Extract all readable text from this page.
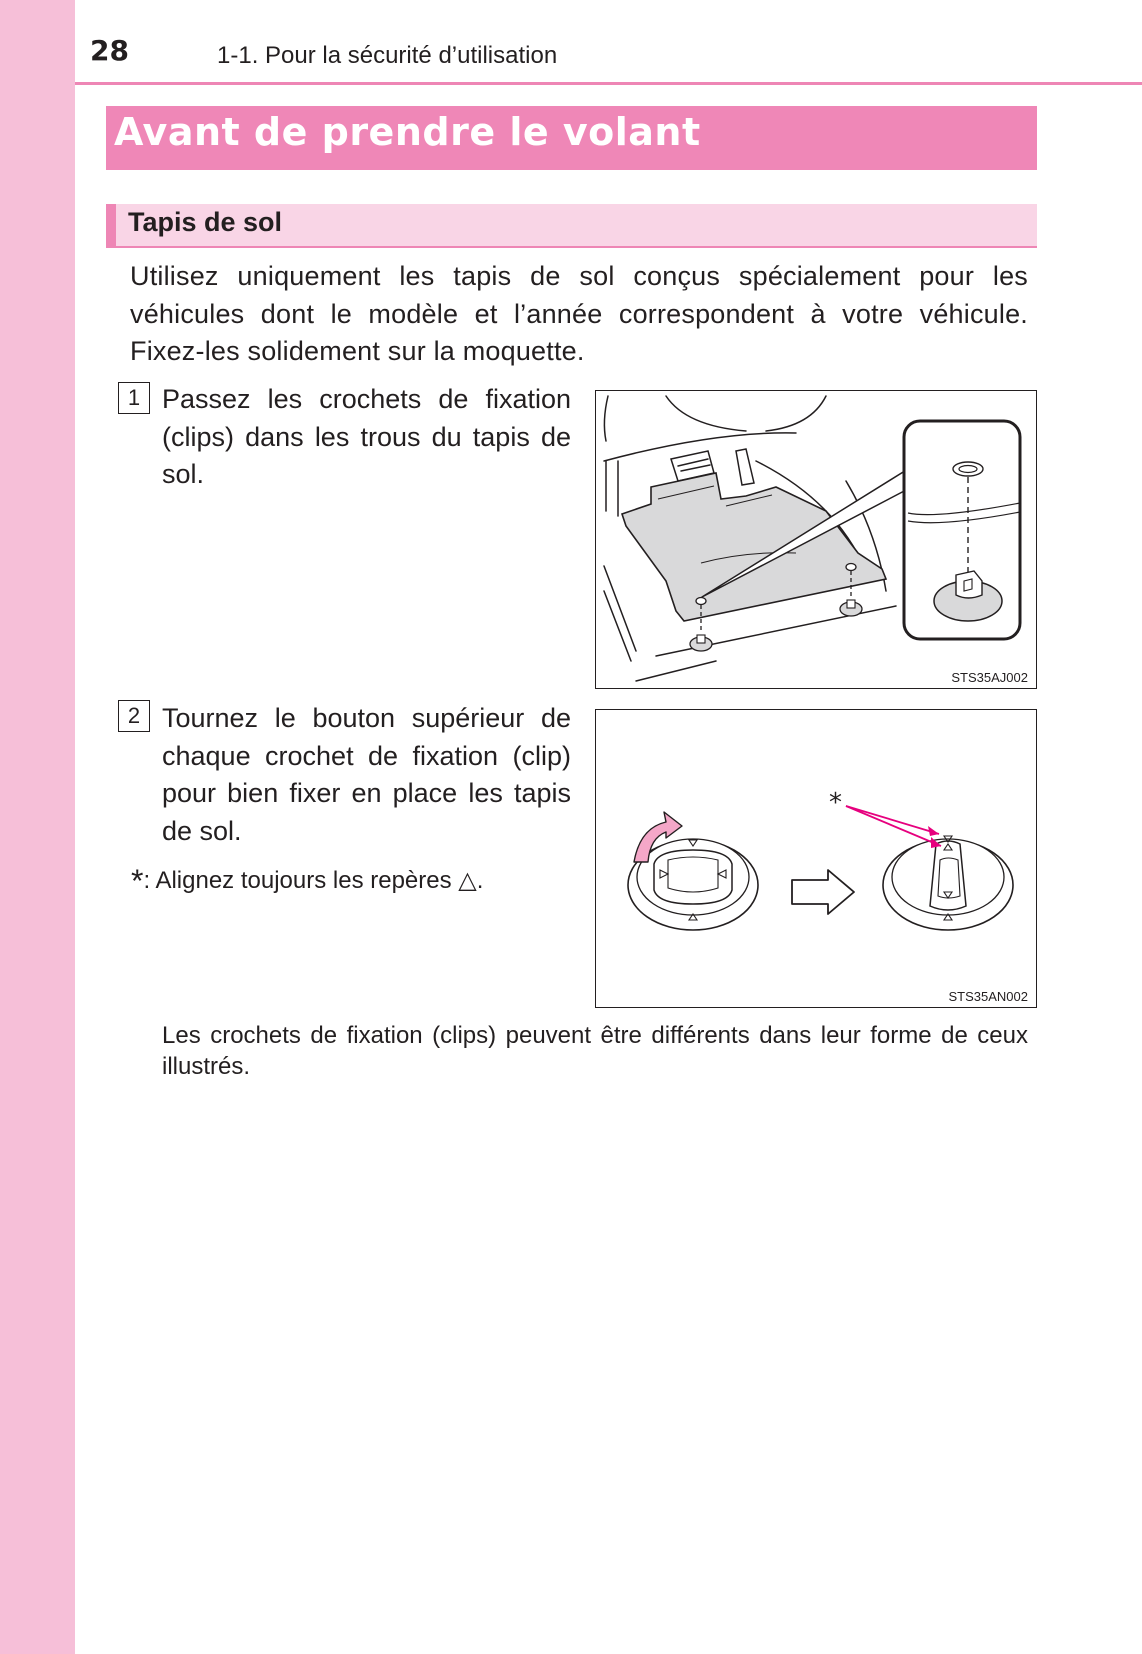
28	1-1. Pour la sécurité d’utilisation
Avant de prendre le volant
Tapis de sol

Utilisez uniquement les tapis de sol conçus spécialement pour les véhicules dont le modèle et l’année correspondent à votre véhicule. Fixez-les solidement sur la moquette.

1 Passez les crochets de fixation (clips) dans les trous du tapis de sol.

STS35AJ002
2 Tournez le bouton supérieur de chaque crochet de fixation (clip) pour bien fixer en place les tapis de sol.

*: Alignez toujours les repères △.
*
STS35AN002

Les crochets de fixation (clips) peuvent être différents dans leur forme de ceux illustrés.
